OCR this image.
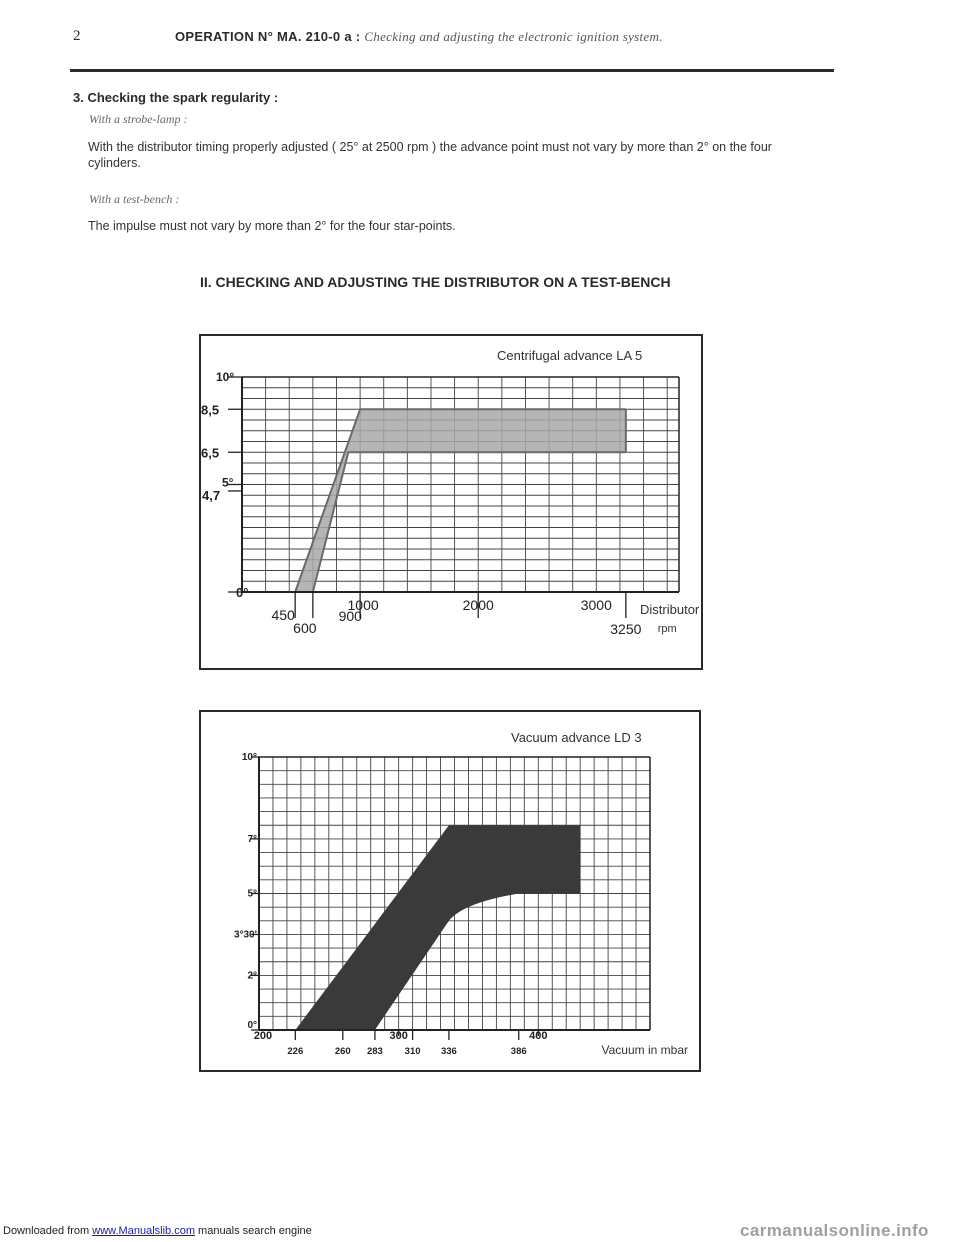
2	OPERATION N° MA. 210-0 a : Checking and adjusting the electronic ignition system.
3. Checking the spark regularity :
With a strobe-lamp :
With the distributor timing properly adjusted ( 25° at 2500 rpm ) the advance point must not vary by more than 2° on the four cylinders.
With a test-bench :
The impulse must not vary by more than 2° for the four star-points.
II. CHECKING AND ADJUSTING THE DISTRIBUTOR ON A TEST-BENCH
Centrifugal advance LA 5
0°
4,7
5°
6,5
8,5
10°
450
600
900
1000	2000	3000
3250
Distributor
rpm
Vacuum advance LD 3
0°
2°
3°30'
5°
7°
10°
200
226	260 283
300
310 336	386
400
Vacuum in mbar
Downloaded from www.Manualslib.com manuals search engine	carmanualsonline.info
